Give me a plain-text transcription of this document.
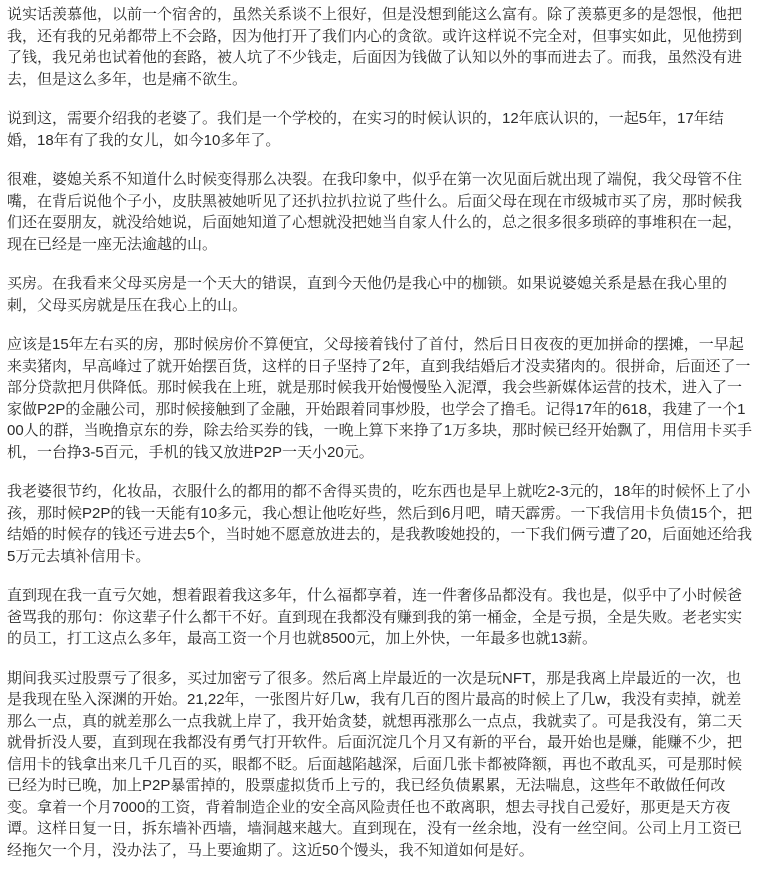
说实话羡慕他，以前一个宿舍的，虽然关系谈不上很好，但是没想到能这么富有。除了羡慕更多的是怨恨，他把我，还有我的兄弟都带上不会路，因为他打开了我们内心的贪欲。或许这样说不完全对，但事实如此，见他捞到了钱，我兄弟也试着他的套路，被人坑了不少钱走，后面因为钱做了认知以外的事而进去了。而我，虽然没有进去，但是这么多年，也是痛不欲生。

说到这，需要介绍我的老婆了。我们是一个学校的，在实习的时候认识的，12年底认识的，一起5年，17年结婚，18年有了我的女儿，如今10多年了。

很难，婆媳关系不知道什么时候变得那么决裂。在我印象中，似乎在第一次见面后就出现了端倪，我父母管不住嘴，在背后说他个子小，皮肤黑被她听见了还扒拉扒拉说了些什么。后面父母在现在市级城市买了房，那时候我们还在耍朋友，就没给她说，后面她知道了心想就没把她当自家人什么的，总之很多很多琐碎的事堆积在一起，现在已经是一座无法逾越的山。

买房。在我看来父母买房是一个天大的错误，直到今天他仍是我心中的枷锁。如果说婆媳关系是悬在我心里的刺，父母买房就是压在我心上的山。

应该是15年左右买的房，那时候房价不算便宜，父母接着钱付了首付，然后日日夜夜的更加拼命的摆摊，一早起来卖猪肉，早高峰过了就开始摆百货，这样的日子坚持了2年，直到我结婚后才没卖猪肉的。很拼命，后面还了一部分贷款把月供降低。那时候我在上班，就是那时候我开始慢慢坠入泥潭，我会些新媒体运营的技术，进入了一家做P2P的金融公司，那时候接触到了金融，开始跟着同事炒股，也学会了撸毛。记得17年的618，我建了一个100人的群，当晚撸京东的券，除去给买券的钱，一晚上算下来挣了1万多块，那时候已经开始飘了，用信用卡买手机，一台挣3-5百元，手机的钱又放进P2P一天小20元。

我老婆很节约，化妆品，衣服什么的都用的都不舍得买贵的，吃东西也是早上就吃2-3元的，18年的时候怀上了小孩，那时候P2P的钱一天能有10多元，我心想让他吃好些，然后到6月吧，晴天霹雳。一下我信用卡负债15个，把结婚的时候存的钱还亏进去5个，当时她不愿意放进去的，是我教唆她投的，一下我们俩亏遭了20，后面她还给我5万元去填补信用卡。

直到现在我一直亏欠她，想着跟着我这多年，什么福都享着，连一件奢侈品都没有。我也是，似乎中了小时候爸爸骂我的那句：你这辈子什么都干不好。直到现在我都没有赚到我的第一桶金，全是亏损，全是失败。老老实实的员工，打工这点么多年，最高工资一个月也就8500元，加上外快，一年最多也就13薪。

期间我买过股票亏了很多，买过加密亏了很多。然后离上岸最近的一次是玩NFT，那是我离上岸最近的一次，也是我现在坠入深渊的开始。21,22年，一张图片好几w，我有几百的图片最高的时候上了几w，我没有卖掉，就差那么一点，真的就差那么一点我就上岸了，我开始贪婪，就想再涨那么一点点，我就卖了。可是我没有，第二天就骨折没人要，直到现在我都没有勇气打开软件。后面沉淀几个月又有新的平台，最开始也是赚，能赚不少，把信用卡的钱拿出来几千几百的买，眼都不眨。后面越陷越深，后面几张卡都被降额，再也不敢乱买，可是那时候已经为时已晚，加上P2P暴雷掉的，股票虚拟货币上亏的，我已经负债累累，无法喘息，这些年不敢做任何改变。拿着一个月7000的工资，背着制造企业的安全高风险责任也不敢离职，想去寻找自己爱好，那更是天方夜谭。这样日复一日，拆东墙补西墙，墙洞越来越大。直到现在，没有一丝余地，没有一丝空间。公司上月工资已经拖欠一个月，没办法了，马上要逾期了。这近50个馒头，我不知道如何是好。
